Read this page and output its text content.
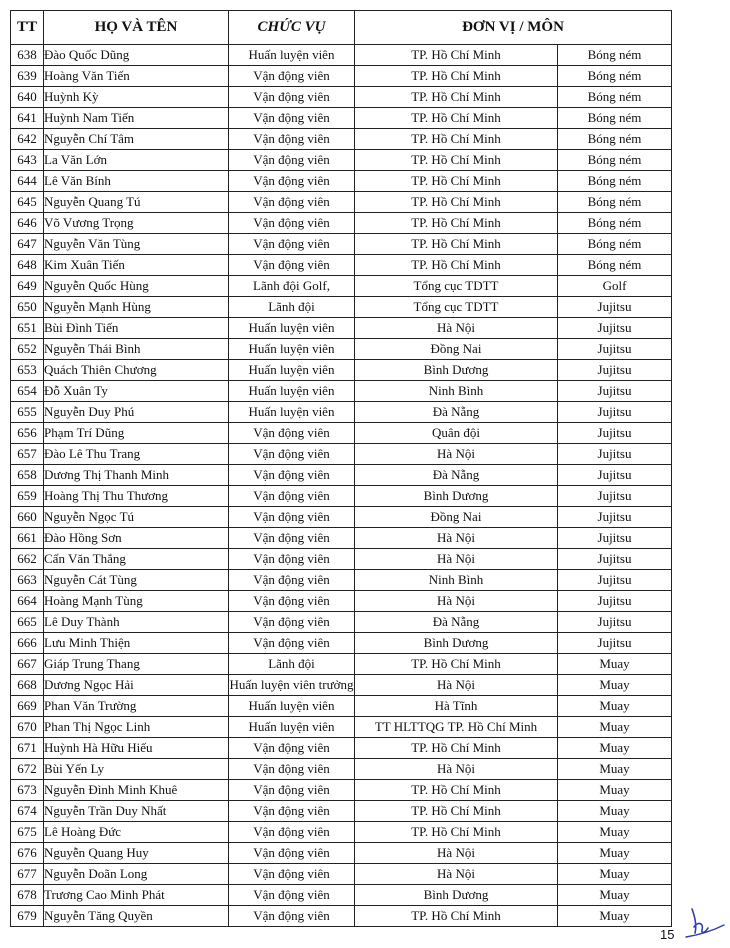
TT	HỌ VÀ TÊN	CHỨC VỤ	ĐƠN VỊ / MÔN	
638	Đào Quốc Dũng	Huấn luyện viên	TP. Hồ Chí Minh	Bóng ném
639	Hoàng Văn Tiến	Vận động viên	TP. Hồ Chí Minh	Bóng ném
640	Huỳnh Kỳ	Vận động viên	TP. Hồ Chí Minh	Bóng ném
641	Huỳnh Nam Tiến	Vận động viên	TP. Hồ Chí Minh	Bóng ném
642	Nguyễn Chí Tâm	Vận động viên	TP. Hồ Chí Minh	Bóng ném
643	La Văn Lớn	Vận động viên	TP. Hồ Chí Minh	Bóng ném
644	Lê Văn Bính	Vận động viên	TP. Hồ Chí Minh	Bóng ném
645	Nguyễn Quang Tú	Vận động viên	TP. Hồ Chí Minh	Bóng ném
646	Võ Vương Trọng	Vận động viên	TP. Hồ Chí Minh	Bóng ném
647	Nguyễn Văn Tùng	Vận động viên	TP. Hồ Chí Minh	Bóng ném
648	Kim Xuân Tiến	Vận động viên	TP. Hồ Chí Minh	Bóng ném
649	Nguyễn Quốc Hùng	Lãnh đội Golf,	Tổng cục TDTT	Golf
650	Nguyễn Mạnh Hùng	Lãnh đội	Tổng cục TDTT	Jujitsu
651	Bùi Đình Tiến	Huấn luyện viên	Hà Nội	Jujitsu
652	Nguyễn Thái Bình	Huấn luyện viên	Đồng Nai	Jujitsu
653	Quách Thiên Chương	Huấn luyện viên	Bình Dương	Jujitsu
654	Đỗ Xuân Ty	Huấn luyện viên	Ninh Bình	Jujitsu
655	Nguyễn Duy Phú	Huấn luyện viên	Đà Nẵng	Jujitsu
656	Phạm Trí Dũng	Vận động viên	Quân đội	Jujitsu
657	Đào Lê Thu Trang	Vận động viên	Hà Nội	Jujitsu
658	Dương Thị Thanh Minh	Vận động viên	Đà Nẵng	Jujitsu
659	Hoàng Thị Thu Thương	Vận động viên	Bình Dương	Jujitsu
660	Nguyễn Ngọc Tú	Vận động viên	Đồng Nai	Jujitsu
661	Đào Hồng Sơn	Vận động viên	Hà Nội	Jujitsu
662	Cấn Văn Thắng	Vận động viên	Hà Nội	Jujitsu
663	Nguyễn Cát Tùng	Vận động viên	Ninh Bình	Jujitsu
664	Hoàng Mạnh Tùng	Vận động viên	Hà Nội	Jujitsu
665	Lê Duy Thành	Vận động viên	Đà Nẵng	Jujitsu
666	Lưu Minh Thiện	Vận động viên	Bình Dương	Jujitsu
667	Giáp Trung Thang	Lãnh đội	TP. Hồ Chí Minh	Muay
668	Dương Ngọc Hải	Huấn luyện viên trưởng	Hà Nội	Muay
669	Phan Văn Trường	Huấn luyện viên	Hà Tĩnh	Muay
670	Phan Thị Ngọc Linh	Huấn luyện viên	TT HLTTQG TP. Hồ Chí Minh	Muay
671	Huỳnh Hà Hữu Hiếu	Vận động viên	TP. Hồ Chí Minh	Muay
672	Bùi Yến Ly	Vận động viên	Hà Nội	Muay
673	Nguyễn Đình Minh Khuê	Vận động viên	TP. Hồ Chí Minh	Muay
674	Nguyễn Trần Duy Nhất	Vận động viên	TP. Hồ Chí Minh	Muay
675	Lê Hoàng Đức	Vận động viên	TP. Hồ Chí Minh	Muay
676	Nguyễn Quang Huy	Vận động viên	Hà Nội	Muay
677	Nguyễn Doãn Long	Vận động viên	Hà Nội	Muay
678	Trương Cao Minh Phát	Vận động viên	Bình Dương	Muay
679	Nguyễn Tăng Quyền	Vận động viên	TP. Hồ Chí Minh	Muay
15
